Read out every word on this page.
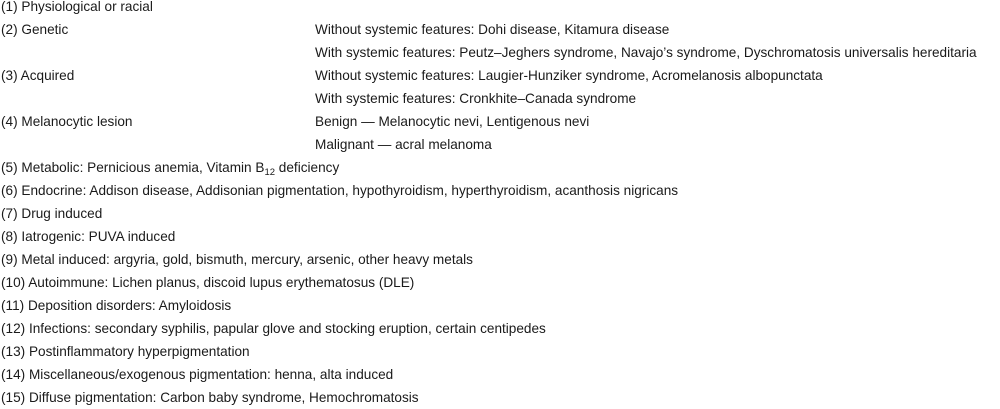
(1) Physiological or racial
(2) Genetic	Without systemic features: Dohi disease, Kitamura disease
With systemic features: Peutz–Jeghers syndrome, Navajo’s syndrome, Dyschromatosis universalis hereditaria
(3) Acquired	Without systemic features: Laugier-Hunziker syndrome, Acromelanosis albopunctata
With systemic features: Cronkhite–Canada syndrome
(4) Melanocytic lesion	Benign — Melanocytic nevi, Lentigenous nevi
Malignant — acral melanoma
(5) Metabolic: Pernicious anemia, Vitamin $B_{12}$ deficiency
(6) Endocrine: Addison disease, Addisonian pigmentation, hypothyroidism, hyperthyroidism, acanthosis nigricans
(7) Drug induced
(8) Iatrogenic: PUVA induced
(9) Metal induced: argyria, gold, bismuth, mercury, arsenic, other heavy metals
(10) Autoimmune: Lichen planus, discoid lupus erythematosus (DLE)
(11) Deposition disorders: Amyloidosis
(12) Infections: secondary syphilis, papular glove and stocking eruption, certain centipedes
(13) Postinflammatory hyperpigmentation
(14) Miscellaneous/exogenous pigmentation: henna, alta induced
(15) Diffuse pigmentation: Carbon baby syndrome, Hemochromatosis
